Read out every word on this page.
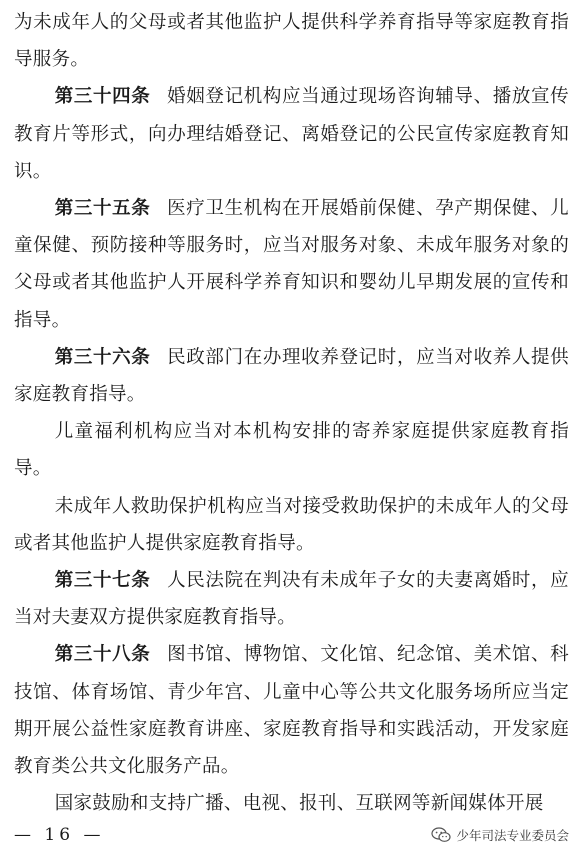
为未成年人的父母或者其他监护人提供科学养育指导等家庭教育指导服务。

第三十四条 婚姻登记机构应当通过现场咨询辅导、播放宣传教育片等形式，向办理结婚登记、离婚登记的公民宣传家庭教育知识。

第三十五条 医疗卫生机构在开展婚前保健、孕产期保健、儿童保健、预防接种等服务时，应当对服务对象、未成年服务对象的父母或者其他监护人开展科学养育知识和婴幼儿早期发展的宣传和指导。

第三十六条 民政部门在办理收养登记时，应当对收养人提供家庭教育指导。

儿童福利机构应当对本机构安排的寄养家庭提供家庭教育指导。

未成年人救助保护机构应当对接受救助保护的未成年人的父母或者其他监护人提供家庭教育指导。

第三十七条 人民法院在判决有未成年子女的夫妻离婚时，应当对夫妻双方提供家庭教育指导。

第三十八条 图书馆、博物馆、文化馆、纪念馆、美术馆、科技馆、体育场馆、青少年宫、儿童中心等公共文化服务场所应当定期开展公益性家庭教育讲座、家庭教育指导和实践活动，开发家庭教育类公共文化服务产品。

国家鼓励和支持广播、电视、报刊、互联网等新闻媒体开展

— 16 —	少年司法专业委员会
